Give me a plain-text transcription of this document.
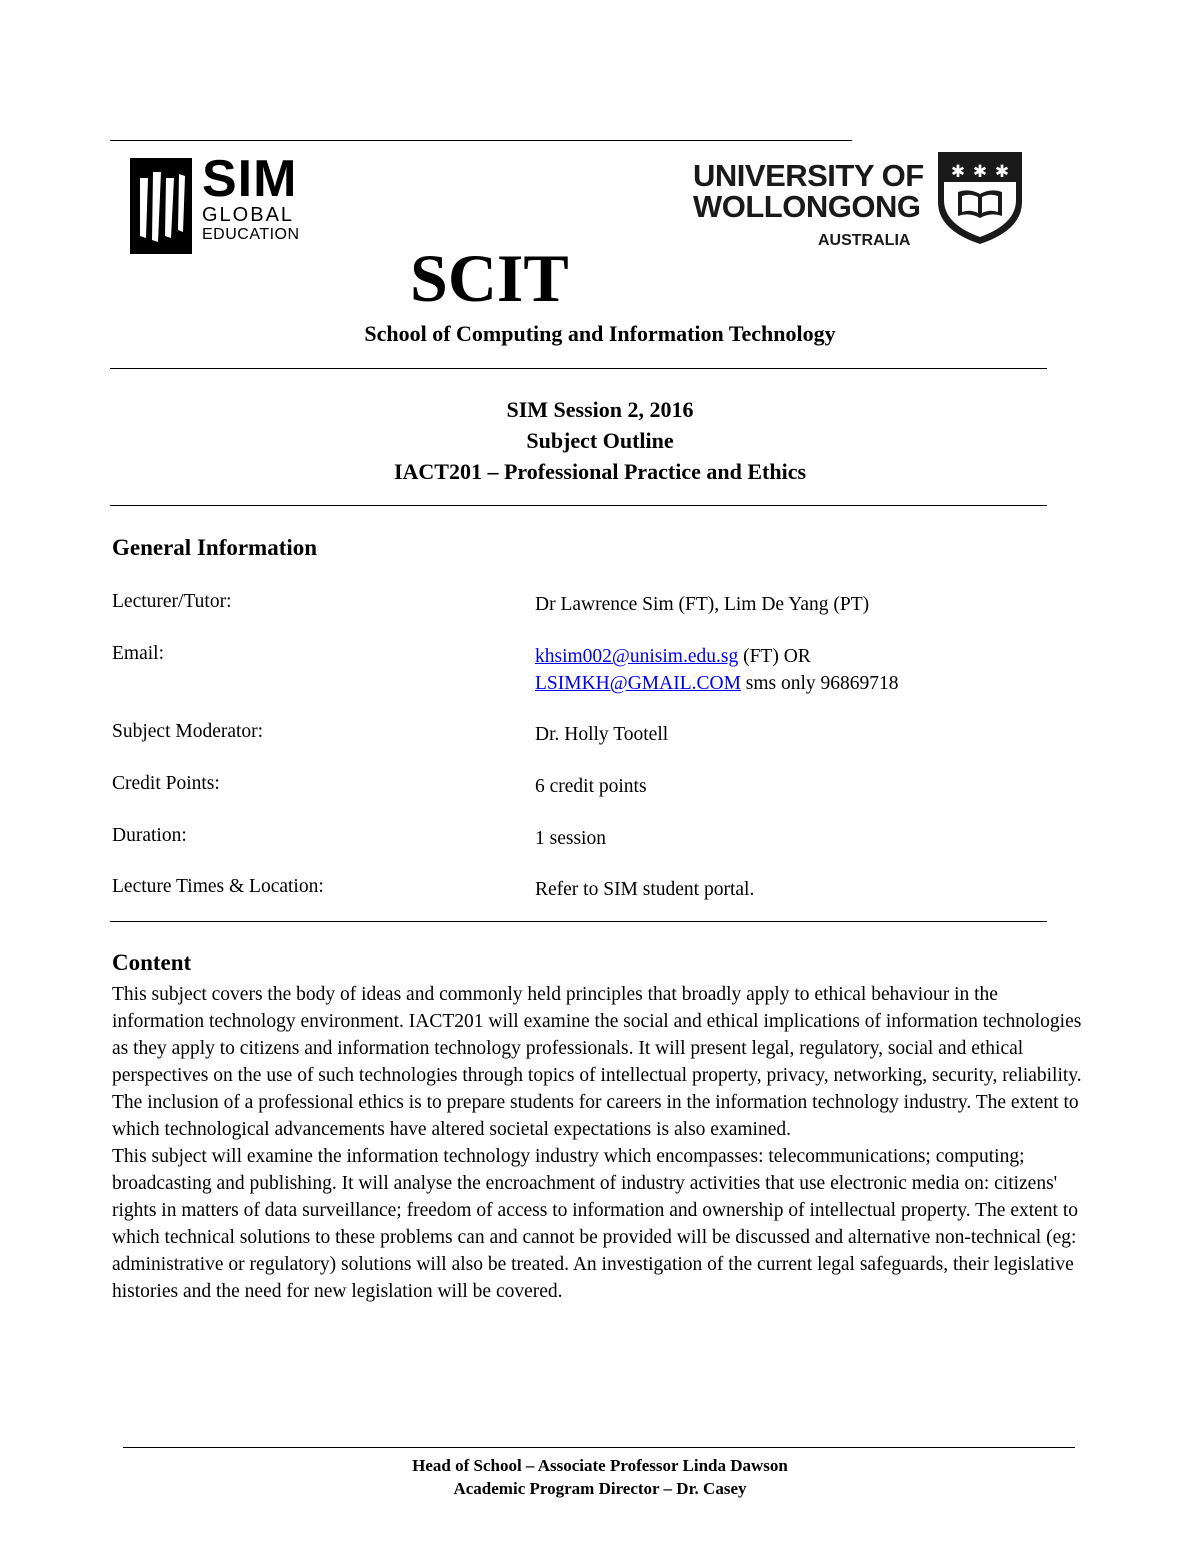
SIM
GLOBAL
EDUCATION
UNIVERSITY OF
WOLLONGONG
AUSTRALIA
✱ ✱ ✱
SCIT
School of Computing and Information Technology
SIM Session 2, 2016
Subject Outline
IACT201 – Professional Practice and Ethics
General Information
Lecturer/Tutor:	Dr Lawrence Sim (FT), Lim De Yang (PT)
Email:	khsim002@unisim.edu.sg (FT) OR
LSIMKH@GMAIL.COM sms only 96869718
Subject Moderator:	Dr. Holly Tootell
Credit Points:	6 credit points
Duration:	1 session
Lecture Times & Location:	Refer to SIM student portal.
Content

This subject covers the body of ideas and commonly held principles that broadly apply to ethical behaviour in the information technology environment. IACT201 will examine the social and ethical implications of information technologies as they apply to citizens and information technology professionals. It will present legal, regulatory, social and ethical perspectives on the use of such technologies through topics of intellectual property, privacy, networking, security, reliability. The inclusion of a professional ethics is to prepare students for careers in the information technology industry. The extent to which technological advancements have altered societal expectations is also examined.

This subject will examine the information technology industry which encompasses: telecommunications; computing; broadcasting and publishing. It will analyse the encroachment of industry activities that use electronic media on: citizens' rights in matters of data surveillance; freedom of access to information and ownership of intellectual property. The extent to which technical solutions to these problems can and cannot be provided will be discussed and alternative non-technical (eg: administrative or regulatory) solutions will also be treated. An investigation of the current legal safeguards, their legislative histories and the need for new legislation will be covered.

Head of School – Associate Professor Linda Dawson
Academic Program Director – Dr. Casey
